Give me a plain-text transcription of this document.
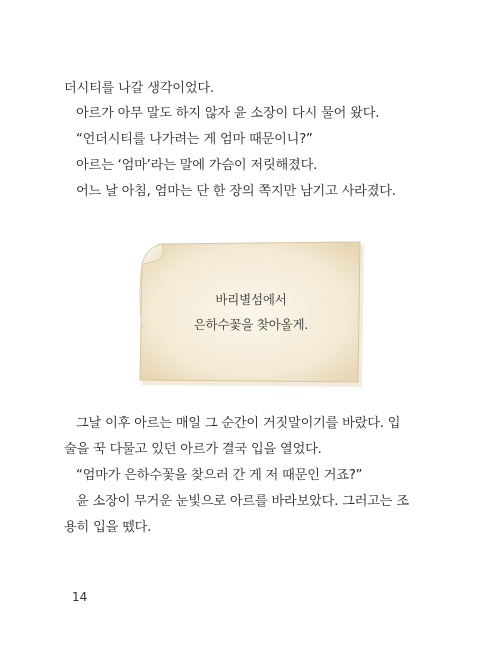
더시티를 나갈 생각이었다.
아르가 아무 말도 하지 않자 윤 소장이 다시 물어 왔다.
“언더시티를 나가려는 게 엄마 때문이니?”
아르는 ‘엄마’라는 말에 가슴이 저릿해졌다.
어느 날 아침, 엄마는 단 한 장의 쪽지만 남기고 사라졌다.
바리별섬에서
은하수꽃을 찾아올게.
그날 이후 아르는 매일 그 순간이 거짓말이기를 바랐다. 입
술을 꾹 다물고 있던 아르가 결국 입을 열었다.
“엄마가 은하수꽃을 찾으러 간 게 저 때문인 거죠?”
윤 소장이 무거운 눈빛으로 아르를 바라보았다. 그러고는 조
용히 입을 뗐다.
14
